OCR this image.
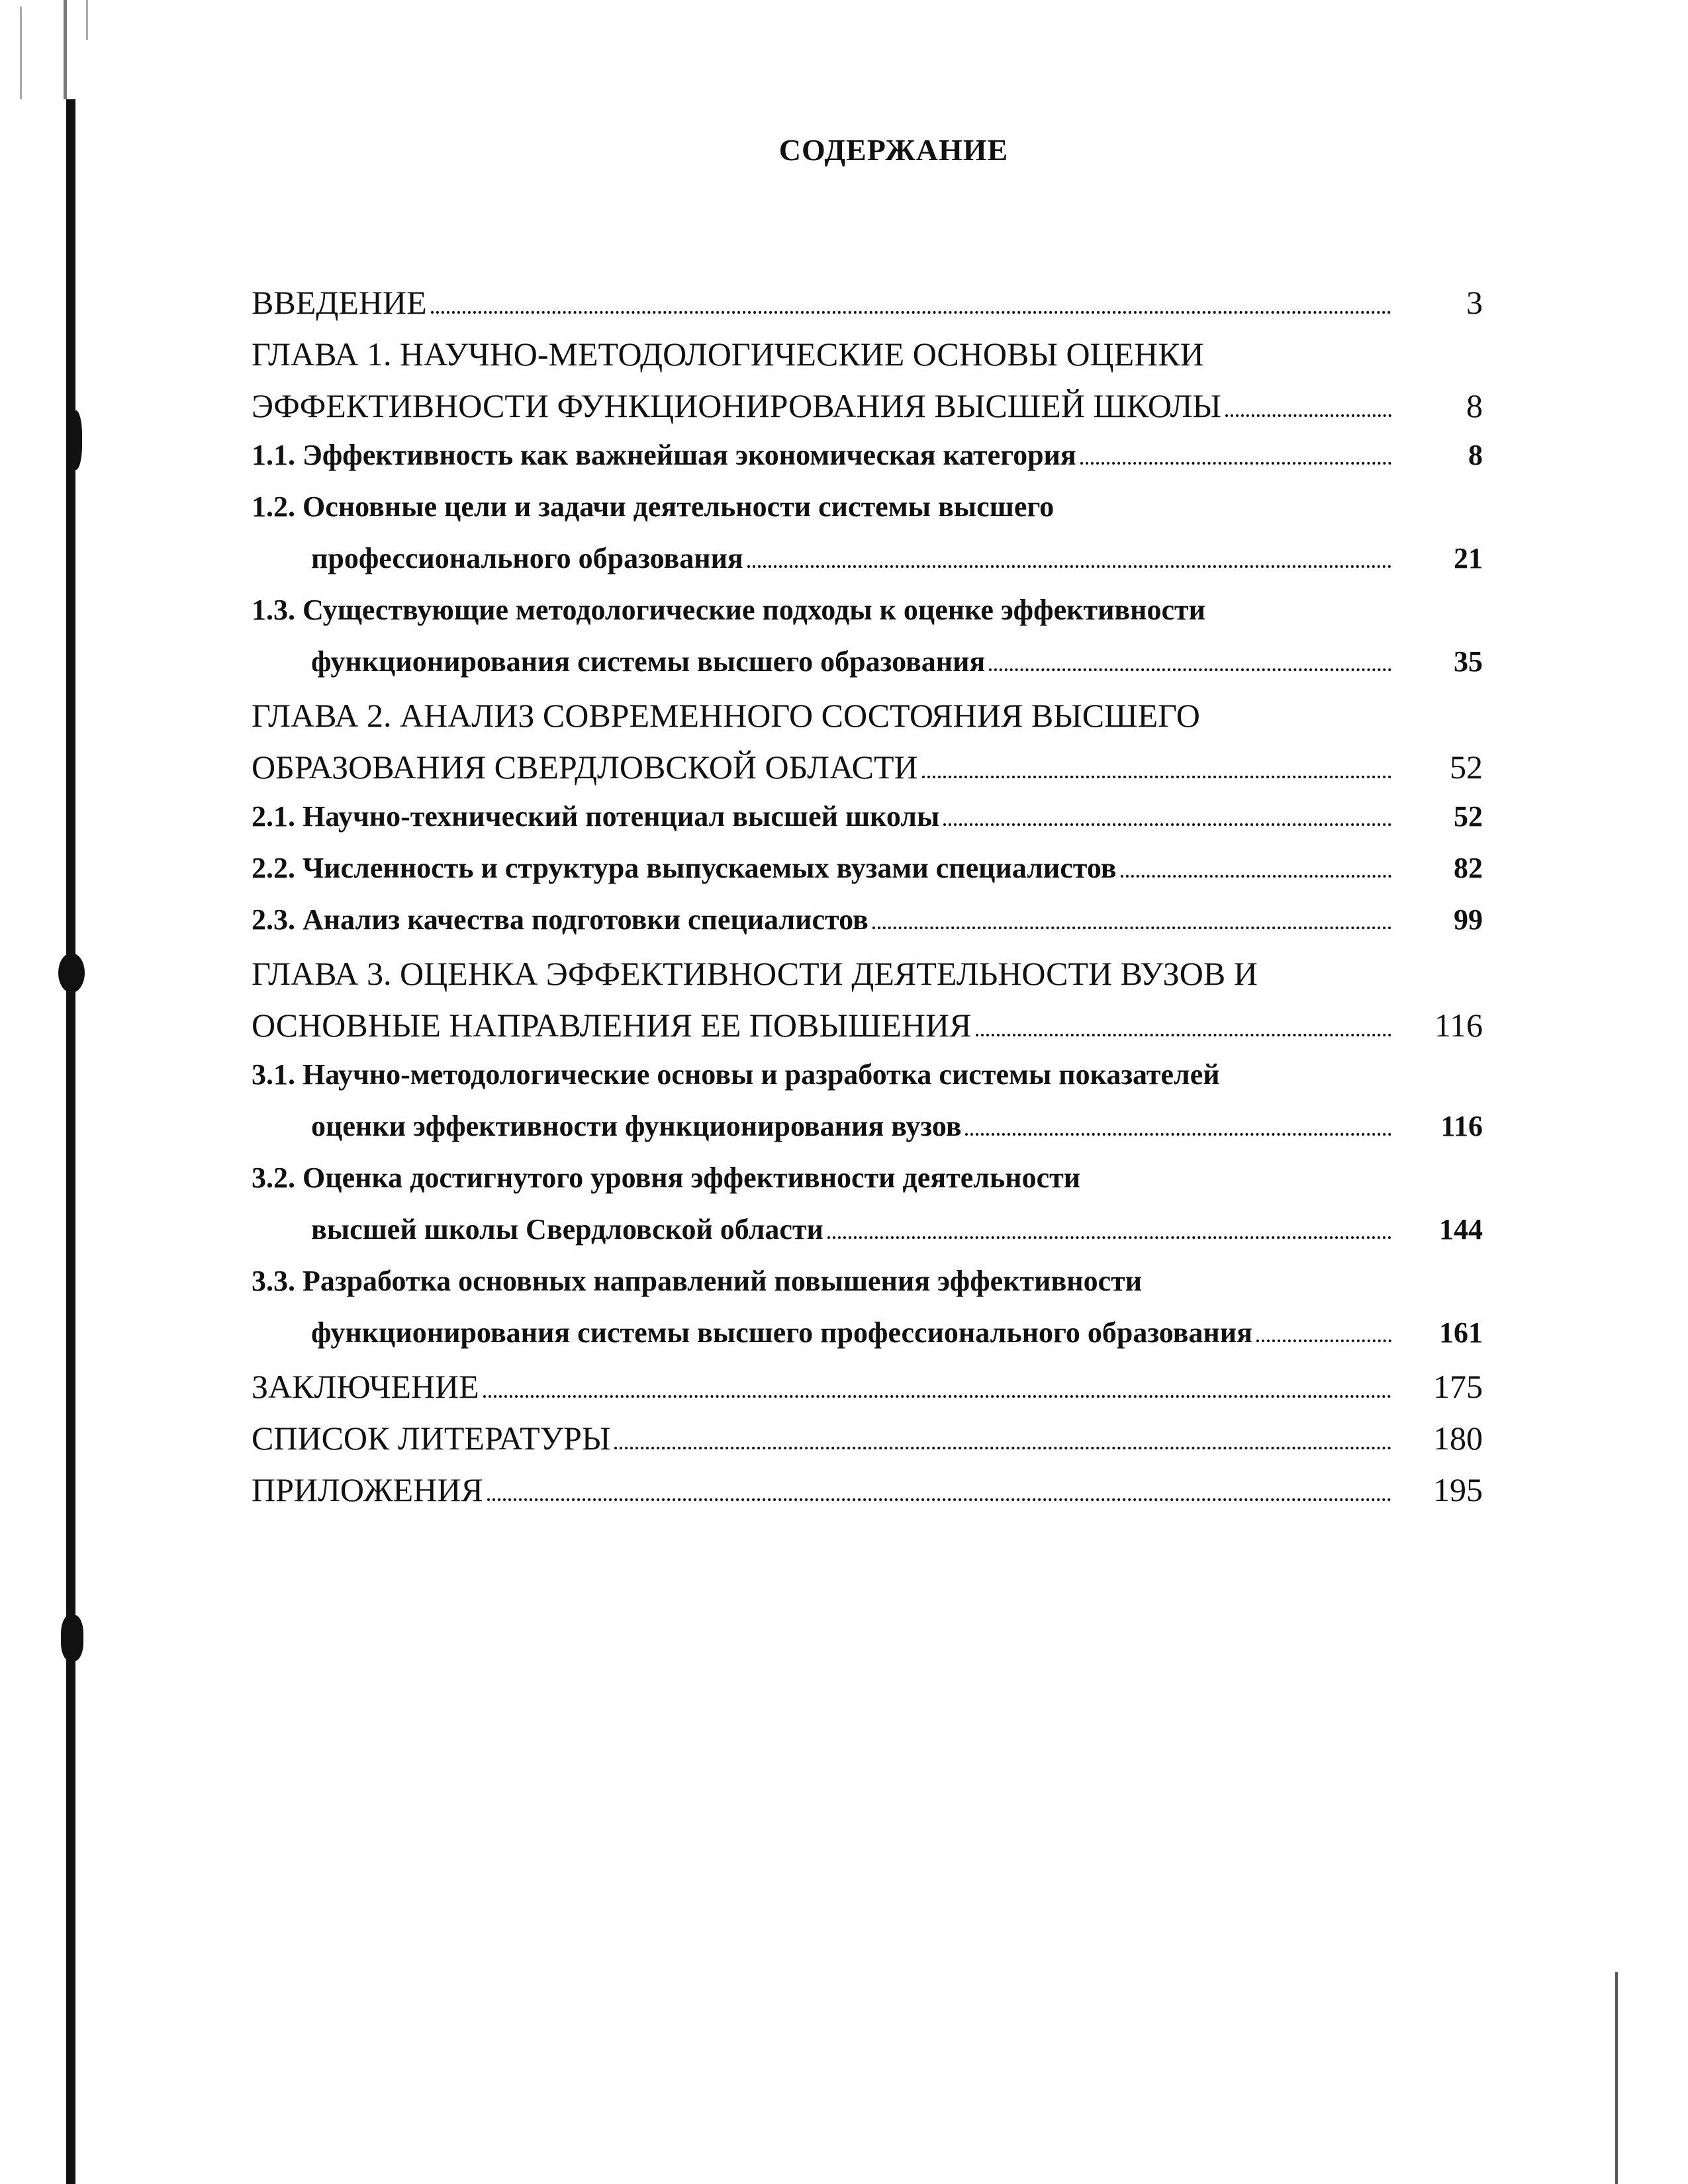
СОДЕРЖАНИЕ
ВВЕДЕНИЕ	3
ГЛАВА 1. НАУЧНО-МЕТОДОЛОГИЧЕСКИЕ ОСНОВЫ ОЦЕНКИ
ЭФФЕКТИВНОСТИ ФУНКЦИОНИРОВАНИЯ ВЫСШЕЙ ШКОЛЫ	8
1.1. Эффективность как важнейшая экономическая категория	8
1.2. Основные цели и задачи деятельности системы высшего
профессионального образования	21
1.3. Существующие методологические подходы к оценке эффективности
функционирования системы высшего образования	35
ГЛАВА 2. АНАЛИЗ СОВРЕМЕННОГО СОСТОЯНИЯ ВЫСШЕГО
ОБРАЗОВАНИЯ СВЕРДЛОВСКОЙ ОБЛАСТИ	52
2.1. Научно-технический потенциал высшей школы	52
2.2. Численность и структура выпускаемых вузами специалистов	82
2.3. Анализ качества подготовки специалистов	99
ГЛАВА 3. ОЦЕНКА ЭФФЕКТИВНОСТИ ДЕЯТЕЛЬНОСТИ ВУЗОВ И
ОСНОВНЫЕ НАПРАВЛЕНИЯ ЕЕ ПОВЫШЕНИЯ	116
3.1. Научно-методологические основы и разработка системы показателей
оценки эффективности функционирования вузов	116
3.2. Оценка достигнутого уровня эффективности деятельности
высшей школы Свердловской области	144
3.3. Разработка основных направлений повышения эффективности
функционирования системы высшего профессионального образования	161
ЗАКЛЮЧЕНИЕ	175
СПИСОК ЛИТЕРАТУРЫ	180
ПРИЛОЖЕНИЯ	195
